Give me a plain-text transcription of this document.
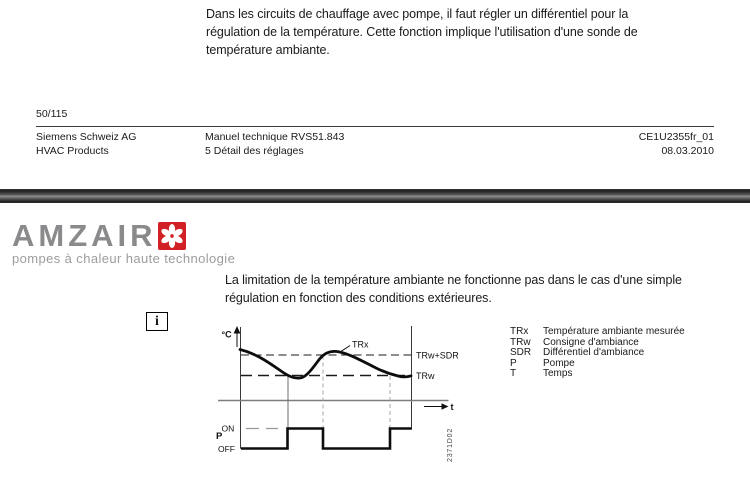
Dans les circuits de chauffage avec pompe, il faut régler un différentiel pour la régulation de la température. Cette fonction implique l'utilisation d'une sonde de température ambiante.
50/115
Siemens Schweiz AG
HVAC Products
Manuel technique RVS51.843
5 Détail des réglages
CE1U2355fr_01
08.03.2010
AMZAIR
pompes à chaleur haute technologie
La limitation de la température ambiante ne fonctionne pas dans le cas d'une simple régulation en fonction des conditions extérieures.
i
°C
t
TRx
TRw+SDR
TRw
ON
P
OFF	2371D02
TRx	Température ambiante mesurée
TRw	Consigne d'ambiance
SDR	Différentiel d'ambiance
P	Pompe
T	Temps
